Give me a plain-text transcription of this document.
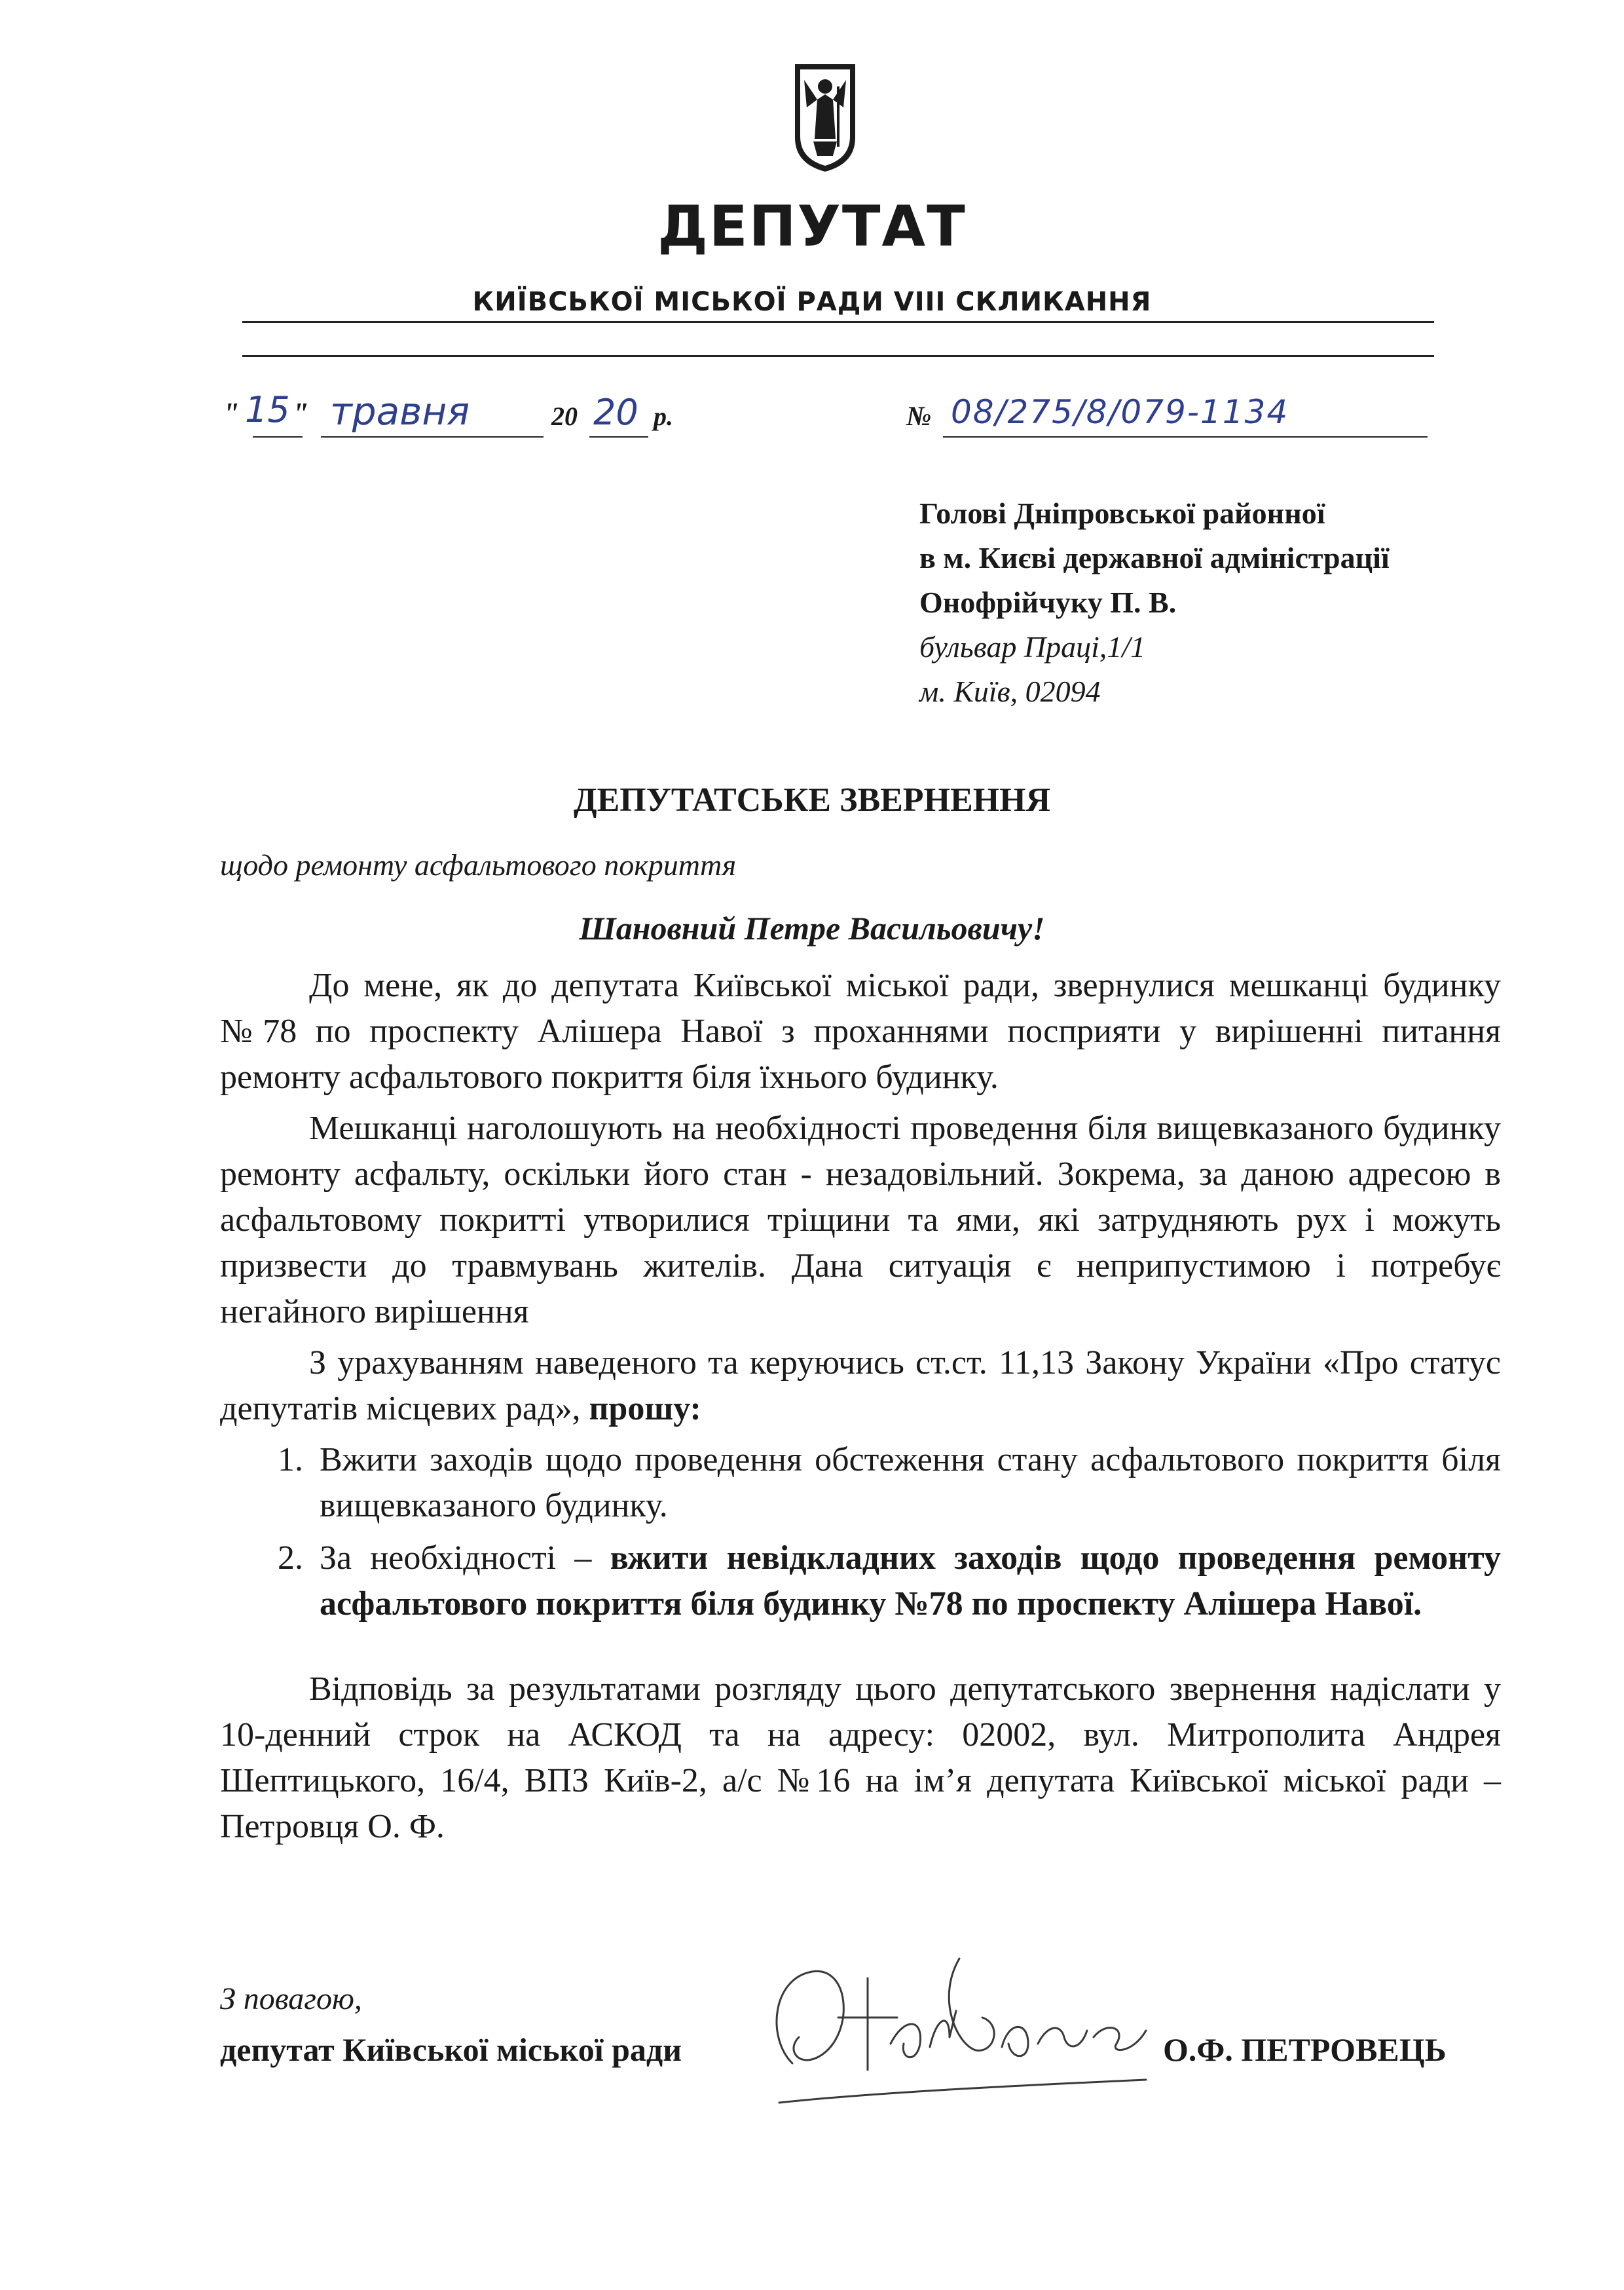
ДЕПУТАТ
КИЇВСЬКОЇ МІСЬКОЇ РАДИ VIII СКЛИКАННЯ
" 15 " травня	20 20 р.	№ 08/275/8/079-1134
Голові Дніпровської районної
в м. Києві державної адміністрації
Онофрійчуку П. В.
бульвар Праці,1/1
м. Київ, 02094
ДЕПУТАТСЬКЕ ЗВЕРНЕННЯ
щодо ремонту асфальтового покриття
Шановний Петре Васильовичу!

До мене, як до депутата Київської міської ради, звернулися мешканці будинку №78 по проспекту Алішера Навої з проханнями посприяти у вирішенні питання ремонту асфальтового покриття біля їхнього будинку.

Мешканці наголошують на необхідності проведення біля вищевказаного будинку ремонту асфальту, оскільки його стан - незадовільний. Зокрема, за даною адресою в асфальтовому покритті утворилися тріщини та ями, які затрудняють рух і можуть призвести до травмувань жителів. Дана ситуація є неприпустимою і потребує негайного вирішення

З урахуванням наведеного та керуючись ст.ст. 11,13 Закону України «Про статус депутатів місцевих рад», прошу:

1. Вжити заходів щодо проведення обстеження стану асфальтового покриття біля вищевказаного будинку.
2. За необхідності – вжити невідкладних заходів щодо проведення ремонту асфальтового покриття біля будинку №78 по проспекту Алішера Навої.

Відповідь за результатами розгляду цього депутатського звернення надіслати у 10-денний строк на АСКОД та на адресу: 02002, вул. Митрополита Андрея Шептицького, 16/4, ВПЗ Київ-2, а/с №16 на ім’я депутата Київської міської ради – Петровця О. Ф.

З повагою,
депутат Київської міської ради	О.Ф. ПЕТРОВЕЦЬ
